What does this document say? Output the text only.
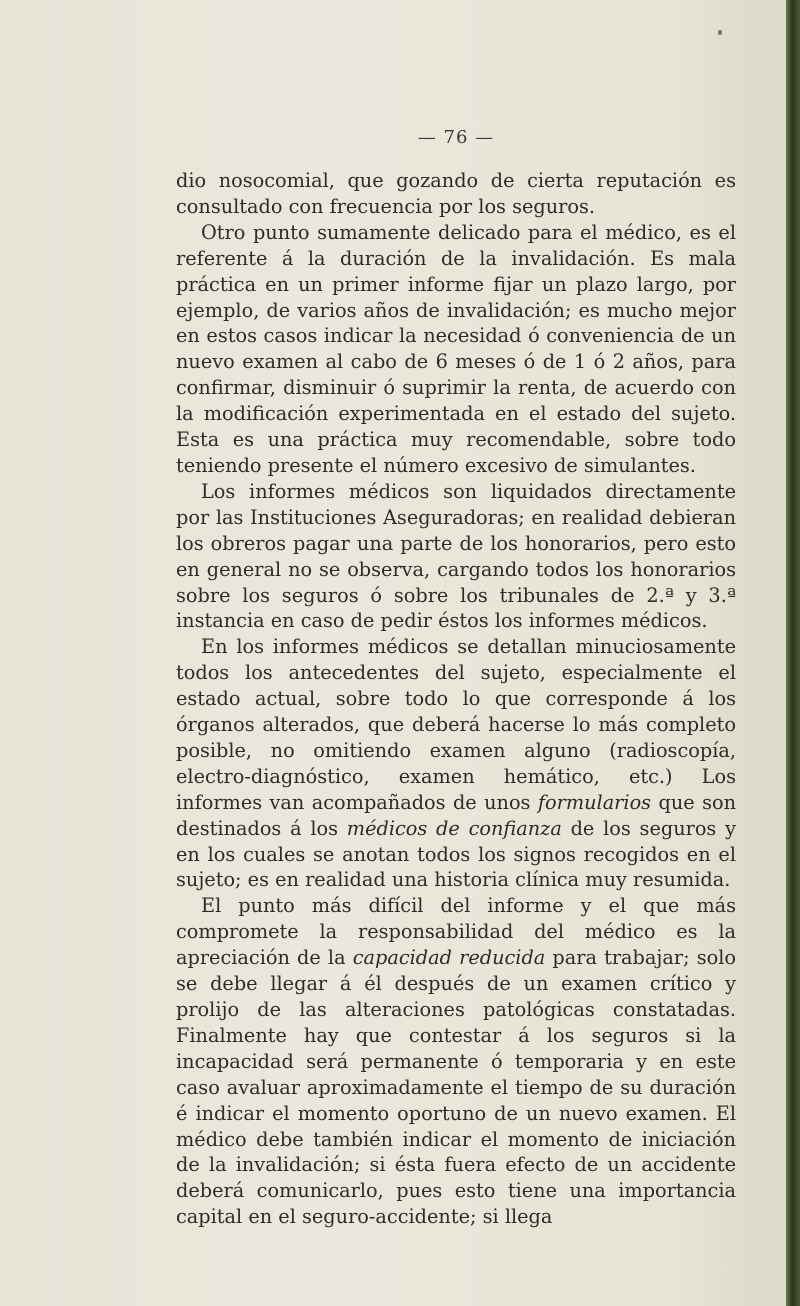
— 76 —

dio nosocomial, que gozando de cierta reputación es consultado con frecuencia por los seguros.

Otro punto sumamente delicado para el médico, es el referente á la duración de la invalidación. Es mala práctica en un primer informe fijar un plazo largo, por ejemplo, de varios años de invalidación; es mucho mejor en estos casos indicar la necesidad ó conveniencia de un nuevo examen al cabo de 6 meses ó de 1 ó 2 años, para confirmar, disminuir ó suprimir la renta, de acuerdo con la modificación experimentada en el estado del sujeto. Esta es una práctica muy recomendable, sobre todo teniendo presente el número excesivo de simulantes.

Los informes médicos son liquidados directamente por las Instituciones Aseguradoras; en realidad debieran los obreros pagar una parte de los honorarios, pero esto en general no se observa, cargando todos los honorarios sobre los seguros ó sobre los tribunales de 2.ª y 3.ª instancia en caso de pedir éstos los informes médicos.

En los informes médicos se detallan minuciosamente todos los antecedentes del sujeto, especialmente el estado actual, sobre todo lo que corresponde á los órganos alterados, que deberá hacerse lo más completo posible, no omitiendo examen alguno (radioscopía, electro-diagnóstico, examen hemático, etc.) Los informes van acompañados de unos formularios que son destinados á los médicos de confianza de los seguros y en los cuales se anotan todos los signos recogidos en el sujeto; es en realidad una historia clínica muy resumida.

El punto más difícil del informe y el que más compromete la responsabilidad del médico es la apreciación de la capacidad reducida para trabajar; solo se debe llegar á él después de un examen crítico y prolijo de las alteraciones patológicas constatadas. Finalmente hay que contestar á los seguros si la incapacidad será permanente ó temporaria y en este caso avaluar aproximadamente el tiempo de su duración é indicar el momento oportuno de un nuevo examen. El médico debe también indicar el momento de iniciación de la invalidación; si ésta fuera efecto de un accidente deberá comunicarlo, pues esto tiene una importancia capital en el seguro-accidente; si llega
